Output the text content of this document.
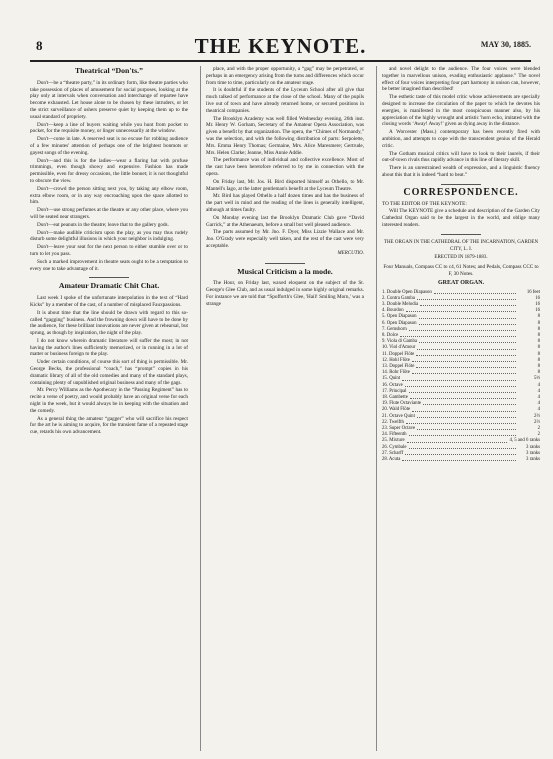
8	THE KEYNOTE.	MAY 30, 1885.
Theatrical “Don'ts.”

Don't—be a “theatre party,” in its ordinary form, like theatre parties who take possession of places of amusement for social purposes, looking at the play only at intervals when conversation and interchange of repartee have become exhausted. Let house alone to be chosen by these intruders, or let the strict surveillance of ushers preserve quiet by keeping them up to the usual standard of propriety.

Don't—keep a line of buyers waiting while you hunt from pocket to pocket, for the requisite money, or linger unnecessarily at the window.

Don't—come in late. A reserved seat is no excuse for robbing audience of a few minutes' attention of perhaps one of the brightest bonmots or gayest songs of the evening.

Don't—and this is for the ladies—wear a flaring hat with profuse trimmings, even though showy and expensive. Fashion has made permissible, even for dressy occasions, the little bonnet; it is not thoughtful to obscure the view.

Don't—crowd the person sitting next you, by taking any elbow room, extra elbow room, or in any way encroaching upon the space allotted to him.

Don't—use strong perfumes at the theatre or any other place, where you will be seated near strangers.

Don't—eat peanuts in the theatre; leave that to the gallery gods.

Don't—make audible criticism upon the play, as you may thus rudely disturb some delightful illusions in which your neighbor is indulging.

Don't—leave your seat for the next person to either stumble over or to turn to let you pass.

Such a marked improvement in theatre seats ought to be a temptation to every one to take advantage of it.

Amateur Dramatic Chit Chat.

Last week I spoke of the unfortunate interpolation in the text of “Hard Kicks” by a member of the cast, of a number of misplaced Fauxpassions.

It is about time that the line should be drawn with regard to this so-called “gagging” business. And the frowning down will have to be done by the audience, for these brilliant innovations are never given at rehearsal, but sprung, as though by inspiration, the night of the play.

I do not know wherein dramatic literature will suffer the most; in not having the author's lines sufficiently memorized, or in running in a lot of matter or business foreign to the play.

Under certain conditions, of course this sort of thing is permissible. Mr. George Becks, the professional “coach,” has “prompt” copies in his dramatic library of all of the old comedies and many of the standard plays, containing plenty of unpublished original business and many of the gags.

Mr. Percy Williams as the Apothecary in the “Passing Regiment” has to recite a verse of poetry, and would probably have an original verse for each night in the week, but it would always be in keeping with the situation and the comedy.

As a general thing the amateur “gagger” who will sacrifice his respect for the art he is aiming to acquire, for the transient fame of a repeated stage cue, retards his own advancement.

place, and with the proper opportunity, a “gag” may be perpetrated, or perhaps in an emergency arising from the turns and differences which occur from time to time, particularly on the amateur stage.

It is doubtful if the students of the Lyceum School after all give that much talked of performance at the close of the school. Many of the pupils live out of town and have already returned home, or secured positions in theatrical companies.

The Brooklyn Academy was well filled Wednesday evening, 26th inst. Mr. Henry W. Gorham, Secretary of the Amateur Opera Association, was given a benefit by that organization. The opera, the “Chimes of Normandy,” was the selection, and with the following distribution of parts: Serpolette, Mrs. Emma Henry Thomas; Germaine, Mrs. Alice Maresmere; Gertrude, Mrs. Helen Clarke; Jeanne, Miss Annie Addie.

The performance was of individual and collective excellence. Most of the cast have been heretofore referred to by me in connection with the opera.

On Friday last, Mr. Jos. H. Bird disported himself as Othello, to Mr. Mantell's Iago, at the latter gentleman's benefit at the Lyceum Theatre.

Mr. Bird has played Othello a half dozen times and has the business of the part well in mind and the reading of the lines is generally intelligent, although at times faulty.

On Monday evening last the Brooklyn Dramatic Club gave “David Garrick,” at the Athenaeum, before a small but well pleased audience.

The parts assumed by Mr. Jno. F. Dyer, Miss Lizzie Wallace and Mr. Jno. O'Grady were especially well taken, and the rest of the cast were very acceptable.

MERCUTIO.
Musical Criticism a la mode.

The Hour, on Friday last, waxed eloquent on the subject of the St. George's Glee Club, and as usual indulged in some highly original remarks. For instance we are told that “Spofforth's Glee, 'Hail! Smiling Morn,' was a strange

and novel delight to the audience. The four voices were blended together in marvellous unison, evading enthusiastic applause.” The novel effect of four voices interpreting four part harmony in unison can, however, be better imagined than described!

The esthetic taste of this model critic whose achievements are specially designed to increase the circulation of the paper to which he devotes his energies, is manifested in the most conspicuous manner also, by his appreciation of the highly wrought and artistic 'horn echo, imitated with the closing words ‘Away! Away!’ given as dying away in the distance.

A Worcester (Mass.) contemporary has been recently fired with ambition, and attempts to cope with the transcendent genius of the Herald critic.

The Gotham musical critics will have to look to their laurels, if their out-of-town rivals thus rapidly advance in this line of literary skill.

There is an unrestrained wealth of expression, and a linguistic fluency about this that it is indeed “hard to beat.”

CORRESPONDENCE.

TO THE EDITOR OF THE KEYNOTE:

Will The KEYNOTE give a schedule and description of the Garden City Cathedral Organ said to be the largest in the world, and oblige many interested readers.

THE ORGAN IN THE CATHEDRAL OF THE INCARNATION, GARDEN CITY, L. I.
ERECTED IN 1879-1883.

Four Manuals, Compass CC to c4, 61 Notes; and Pedals, Compass CCC to F, 30 Notes.

GREAT ORGAN.
1. Double Open Diapason	16 feet
2. Contra Gamba	16
3. Double Melodia	16
4. Bourdon	16
5. Open Diapason	8
6. Open Diapason	8
7. Gemshorn	8
8. Dolce	8
9. Viola di Gamba	8
10. Viol d'Amour	8
11. Doppel Flöte	8
12. Hohl Flöte	8
13. Doppel Flöte	8
14. Rohr Flöte	8
15. Quint	5⅓
16. Octave	4
17. Principal	4
18. Gambette	4
19. Flute Octaviante	4
20. Wald Flöte	4
21. Octave Quint	2⅔
22. Twelfth	2⅔
23. Super Octave	2
24. Fifteenth	2
25. Mixture	4, 5 and 6 ranks
26. Cymbale	3 ranks
27. Scharff	3 ranks
28. Acuta	3 ranks
